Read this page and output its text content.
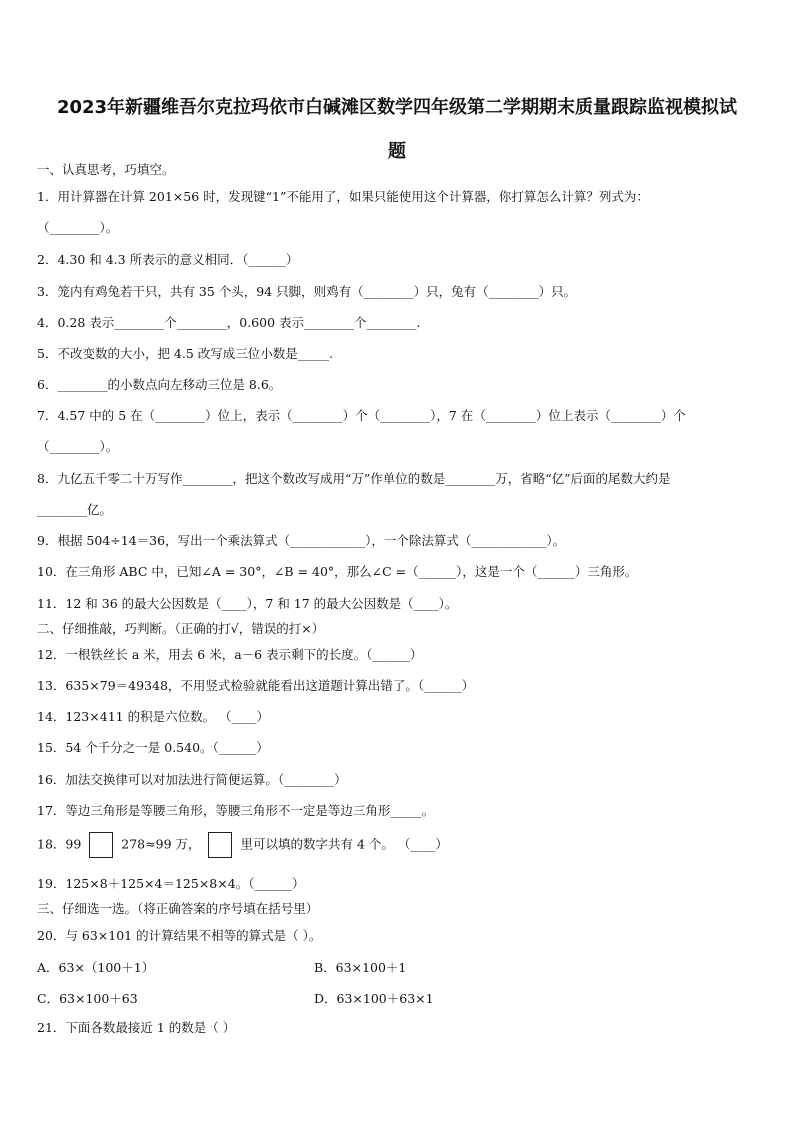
2023年新疆维吾尔克拉玛依市白碱滩区数学四年级第二学期期末质量跟踪监视模拟试
题
一、认真思考，巧填空。
1．用计算器在计算 201×56 时，发现键“1”不能用了，如果只能使用这个计算器，你打算怎么计算？列式为：
（________）。
2．4.30 和 4.3 所表示的意义相同．（______）
3．笼内有鸡兔若干只，共有 35 个头，94 只脚，则鸡有（________）只，兔有（________）只。
4．0.28 表示________个________，0.600 表示________个________.
5．不改变数的大小，把 4.5 改写成三位小数是_____.
6．________的小数点向左移动三位是 8.6。
7．4.57 中的 5 在（________）位上，表示（________）个（________），7 在（________）位上表示（________）个
（________）。
8．九亿五千零二十万写作________，把这个数改写成用“万”作单位的数是________万，省略“亿”后面的尾数大约是
________亿。
9．根据 504÷14＝36，写出一个乘法算式（____________），一个除法算式（____________）。
10．在三角形 ABC 中，已知∠A = 30°，∠B = 40°，那么∠C =（______），这是一个（______）三角形。
11．12 和 36 的最大公因数是（____），7 和 17 的最大公因数是（____）。
二、仔细推敲，巧判断。（正确的打√，错误的打×）
12．一根铁丝长 a 米，用去 6 米，a－6 表示剩下的长度。（______）
13．635×79＝49348，不用竖式检验就能看出这道题计算出错了。（______）
14．123×411 的积是六位数。 （____）
15．54 个千分之一是 0.540。（______）
16．加法交换律可以对加法进行简便运算。（________）
17．等边三角形是等腰三角形，等腰三角形不一定是等边三角形_____。
18．99	278≈99 万，	里可以填的数字共有 4 个。 （____）
19．125×8＋125×4＝125×8×4。（______）
三、仔细选一选。（将正确答案的序号填在括号里）
20．与 63×101 的计算结果不相等的算式是（ ）。
A．63×（100＋1）	B．63×100＋1
C．63×100＋63	D．63×100＋63×1
21．下面各数最接近 1 的数是（ ）
